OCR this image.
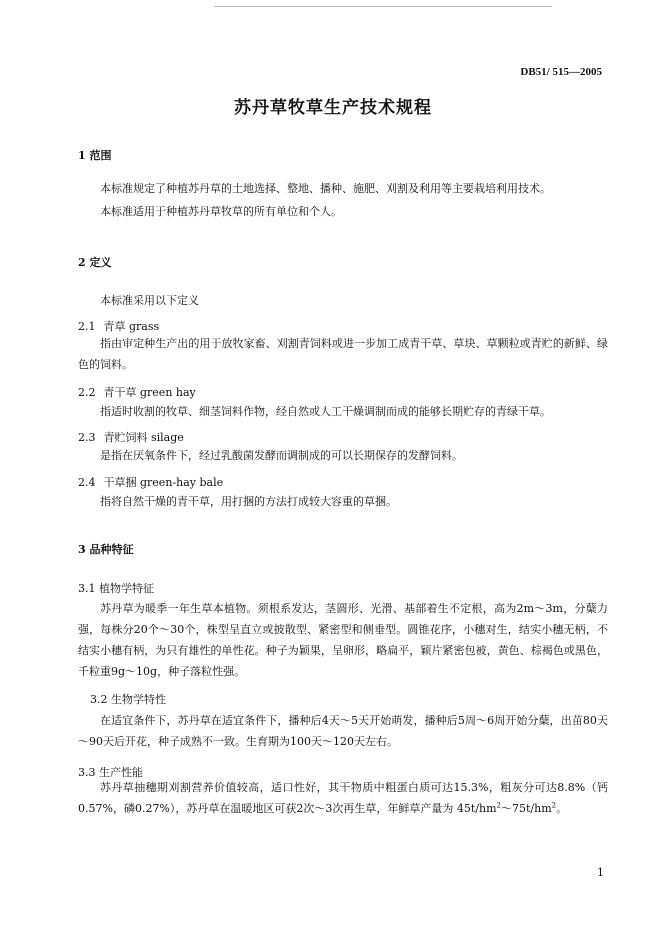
DB51/ 515—2005
苏丹草牧草生产技术规程
1 范围
本标准规定了种植苏丹草的土地选择、整地、播种、施肥、刈割及利用等主要栽培利用技术。
本标准适用于种植苏丹草牧草的所有单位和个人。
2 定义
本标准采用以下定义
2.1 青草 grass
指由审定种生产出的用于放牧家畜、刈割青饲料或进一步加工成青干草、草块、草颗粒或青贮的新鲜、绿色的饲料。
2.2 青干草 green hay
指适时收割的牧草、细茎饲料作物，经自然或人工干燥调制而成的能够长期贮存的青绿干草。
2.3 青贮饲料 silage
是指在厌氧条件下，经过乳酸菌发酵而调制成的可以长期保存的发酵饲料。
2.4 干草捆 green-hay bale
指将自然干燥的青干草，用打捆的方法打成较大容重的草捆。
3 品种特征
3.1 植物学特征
苏丹草为暖季一年生草本植物。须根系发达，茎圆形、光滑、基部着生不定根，高为2m～3m，分蘖力强，每株分20个～30个，株型呈直立或披散型、紧密型和侧垂型。圆锥花序，小穗对生，结实小穗无柄，不结实小穗有柄，为只有雄性的单性花。种子为颖果，呈卵形，略扁平，颖片紧密包被，黄色、棕褐色或黑色，千粒重9g～10g，种子落粒性强。
3.2 生物学特性
在适宜条件下，苏丹草在适宜条件下，播种后4天～5天开始萌发，播种后5周～6周开始分蘖，出苗80天～90天后开花，种子成熟不一致。生育期为100天～120天左右。
3.3 生产性能
苏丹草抽穗期刈割营养价值较高，适口性好，其干物质中粗蛋白质可达15.3%，粗灰分可达8.8%（钙0.57%，磷0.27%），苏丹草在温暖地区可获2次～3次再生草，年鲜草产量为 $45t/hm^2\sim 75t/hm^2$。
1
